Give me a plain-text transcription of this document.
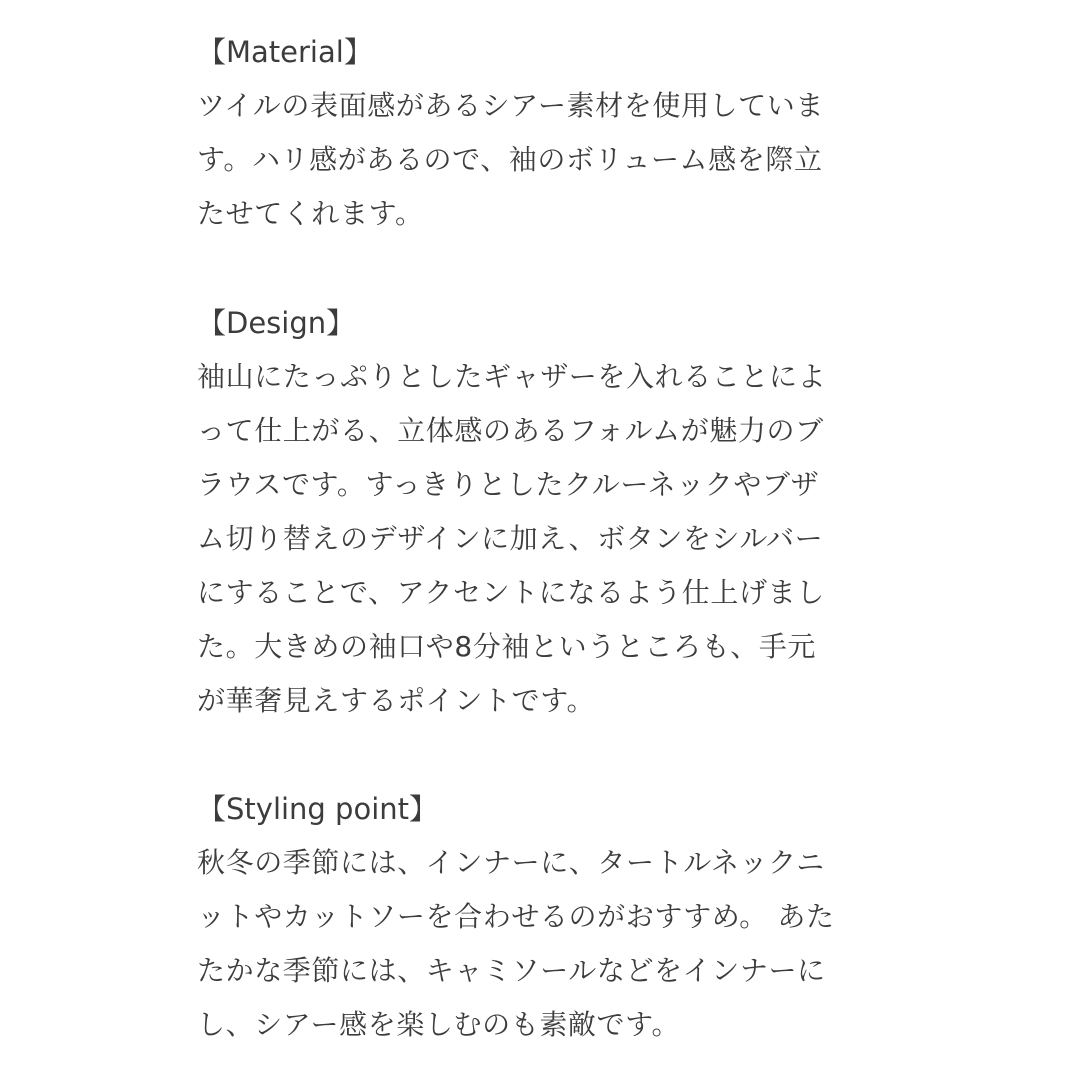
【Material】
ツイルの表面感があるシアー素材を使用していま
す。ハリ感があるので、袖のボリューム感を際立
たせてくれます。
【Design】
袖山にたっぷりとしたギャザーを入れることによ
って仕上がる、立体感のあるフォルムが魅力のブ
ラウスです。すっきりとしたクルーネックやブザ
ム切り替えのデザインに加え、ボタンをシルバー
にすることで、アクセントになるよう仕上げまし
た。大きめの袖口や8分袖というところも、手元
が華奢見えするポイントです。
【Styling point】
秋冬の季節には、インナーに、タートルネックニ
ットやカットソーを合わせるのがおすすめ。 あた
たかな季節には、キャミソールなどをインナーに
し、シアー感を楽しむのも素敵です。
